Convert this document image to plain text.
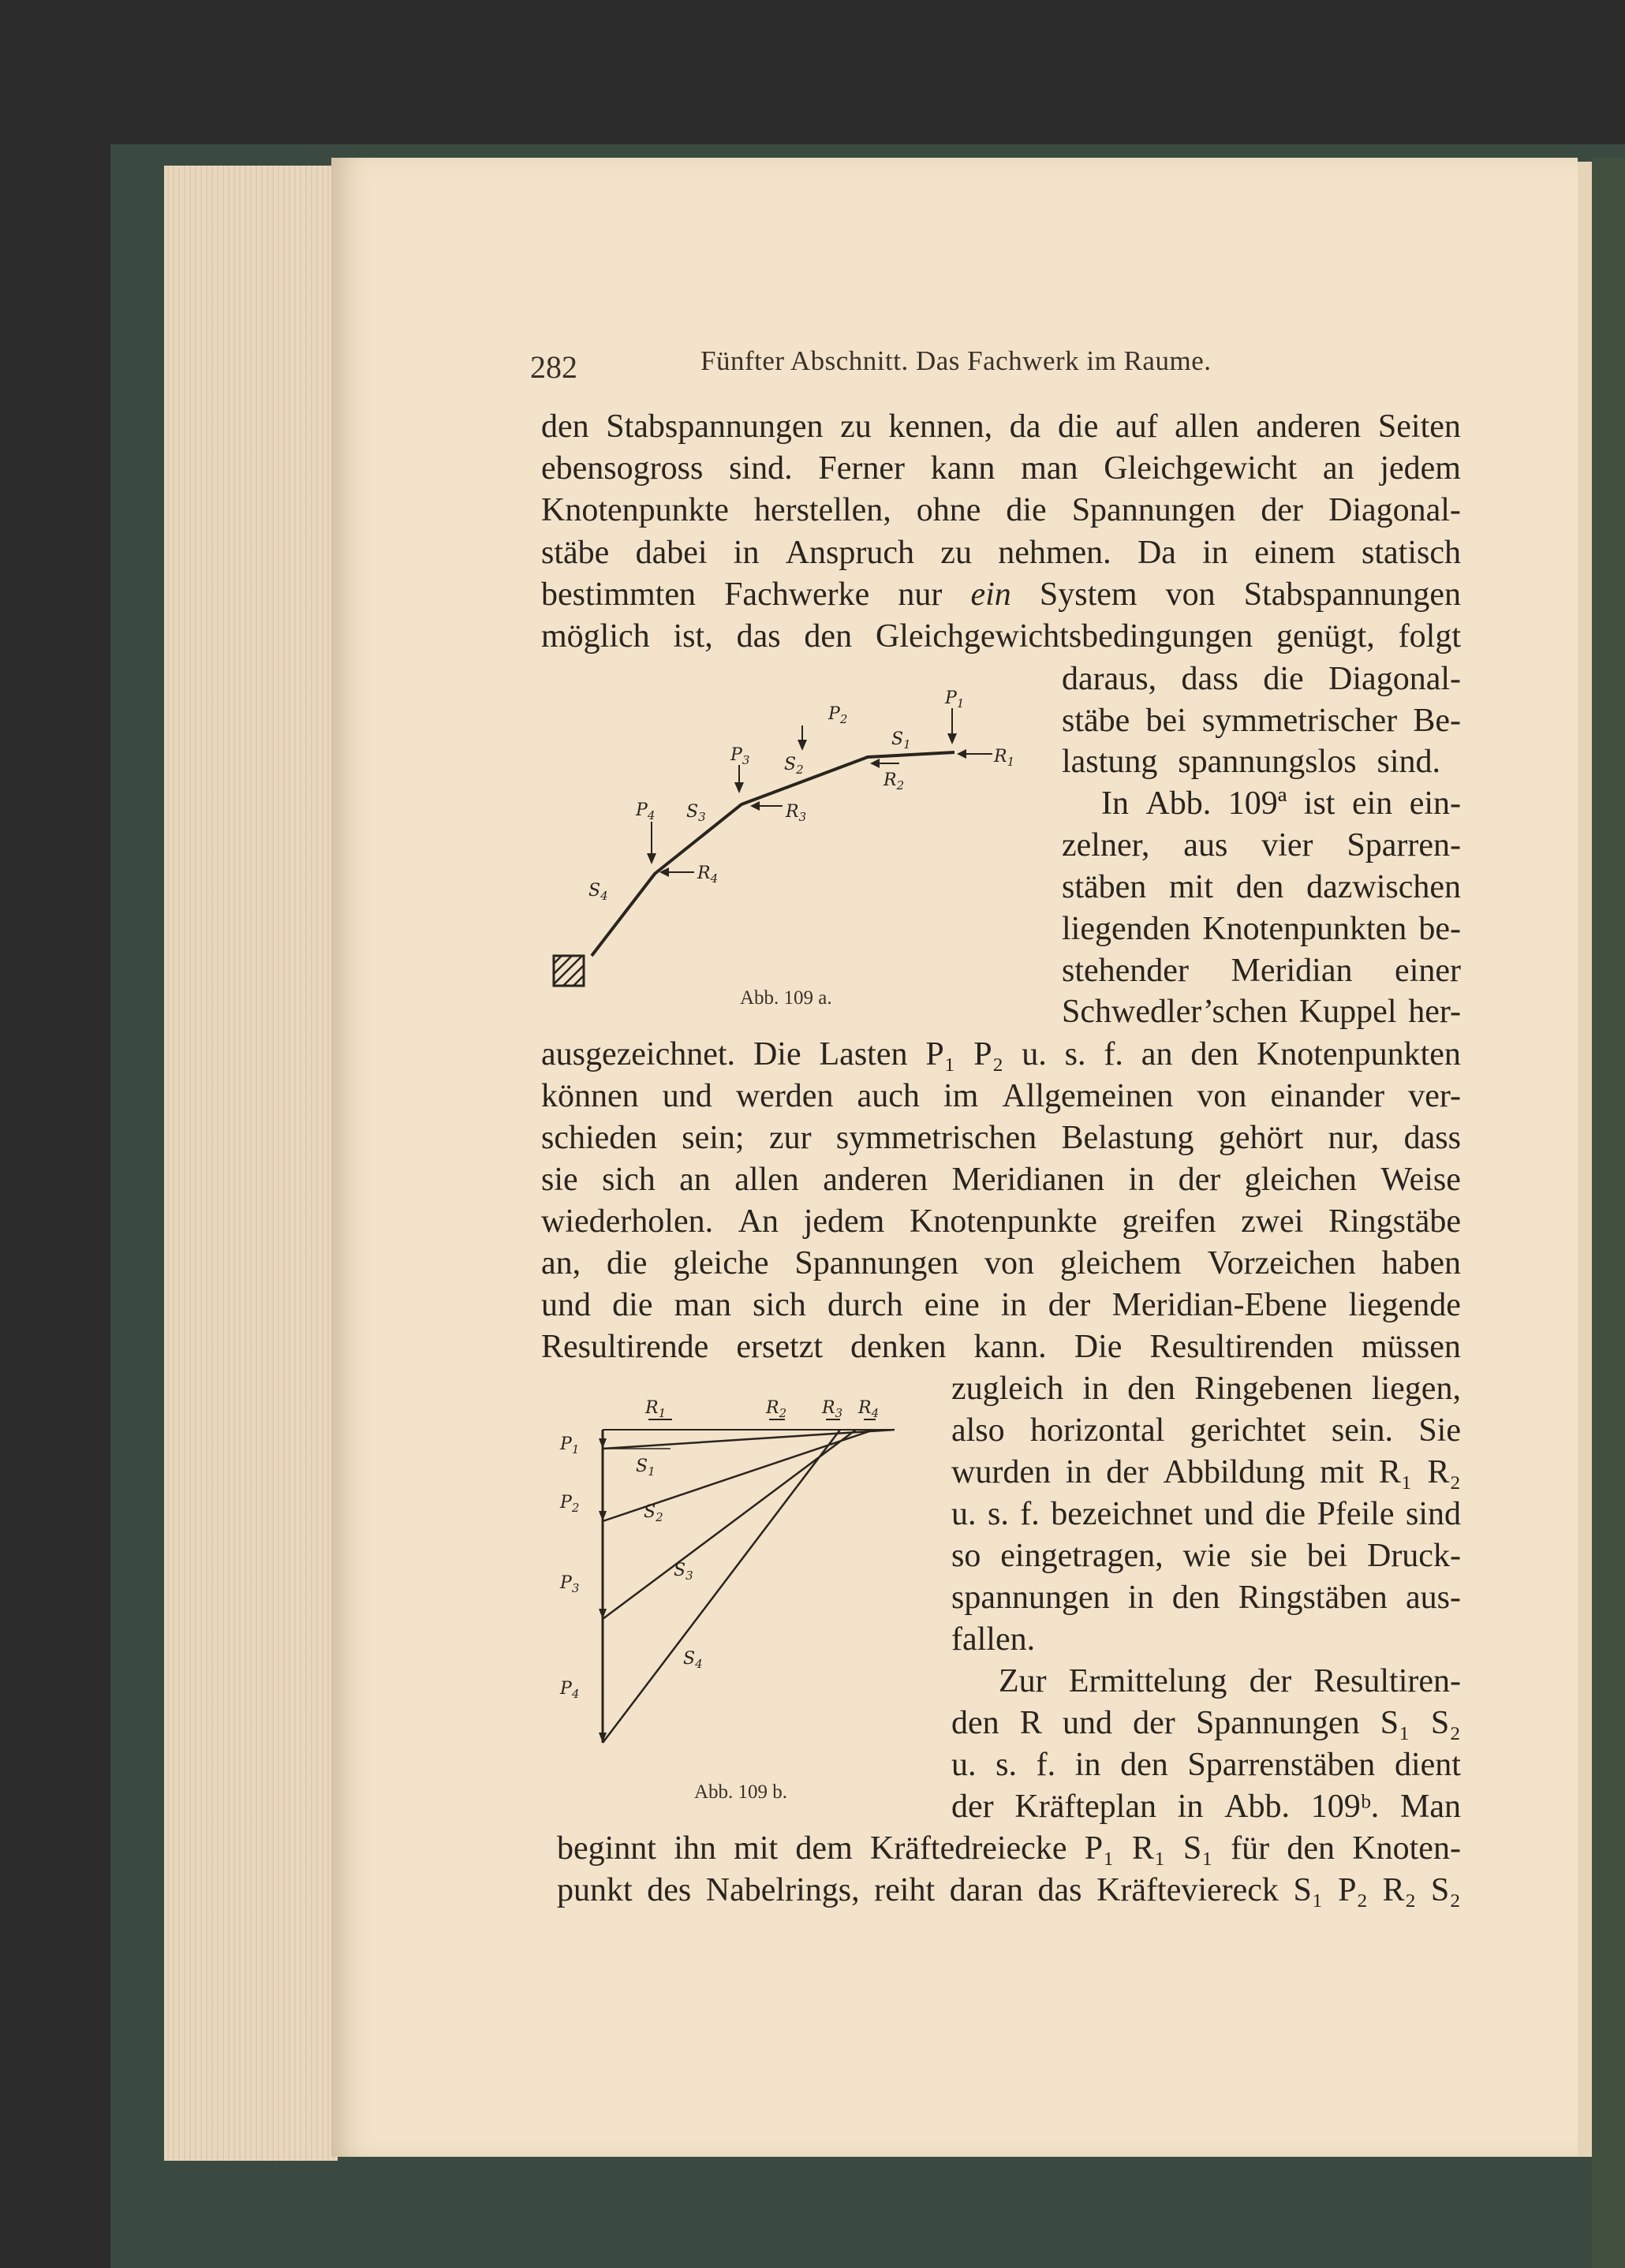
282	Fünfter Abschnitt. Das Fachwerk im Raume.
den Stabspannungen zu kennen, da die auf allen anderen Seiten
ebensogross sind. Ferner kann man Gleichgewicht an jedem
Knotenpunkte herstellen, ohne die Spannungen der Diagonal-
stäbe dabei in Anspruch zu nehmen. Da in einem statisch
bestimmten Fachwerke nur ein System von Stabspannungen
möglich ist, das den Gleichgewichtsbedingungen genügt, folgt
daraus, dass die Diagonal-
stäbe bei symmetrischer Be-
lastung spannungslos sind.
In Abb. 109ª ist ein ein-
zelner, aus vier Sparren-
stäben mit den dazwischen
liegenden Knotenpunkten be-
stehender Meridian einer
Schwedler’schen Kuppel her-
ausgezeichnet. Die Lasten P₁ P₂ u. s. f. an den Knotenpunkten
können und werden auch im Allgemeinen von einander ver-
schieden sein; zur symmetrischen Belastung gehört nur, dass
sie sich an allen anderen Meridianen in der gleichen Weise
wiederholen. An jedem Knotenpunkte greifen zwei Ringstäbe
an, die gleiche Spannungen von gleichem Vorzeichen haben
und die man sich durch eine in der Meridian-Ebene liegende
Resultirende ersetzt denken kann. Die Resultirenden müssen
zugleich in den Ringebenen liegen,
also horizontal gerichtet sein. Sie
wurden in der Abbildung mit R₁ R₂
u. s. f. bezeichnet und die Pfeile sind
so eingetragen, wie sie bei Druck-
spannungen in den Ringstäben aus-
fallen.
Zur Ermittelung der Resultiren-
den R und der Spannungen S₁ S₂
u. s. f. in den Sparrenstäben dient
der Kräfteplan in Abb. 109ᵇ. Man
beginnt ihn mit dem Kräftedreiecke P₁ R₁ S₁ für den Knoten-
punkt des Nabelrings, reiht daran das Kräfteviereck S₁ P₂ R₂ S₂
$P_4$
$P_3$
$P_2$
$P_1$
$S_4$
$S_3$
$S_2$
$S_1$
$R_4$
$R_3$
$R_2$
$R_1$
Abb. 109 a.
$R_1$	$R_2$ $R_3$ $R_4$
$P_1$
$P_2$
$P_3$
$P_4$
$S_1$
$S_2$
$S_3$
$S_4$
Abb. 109 b.
